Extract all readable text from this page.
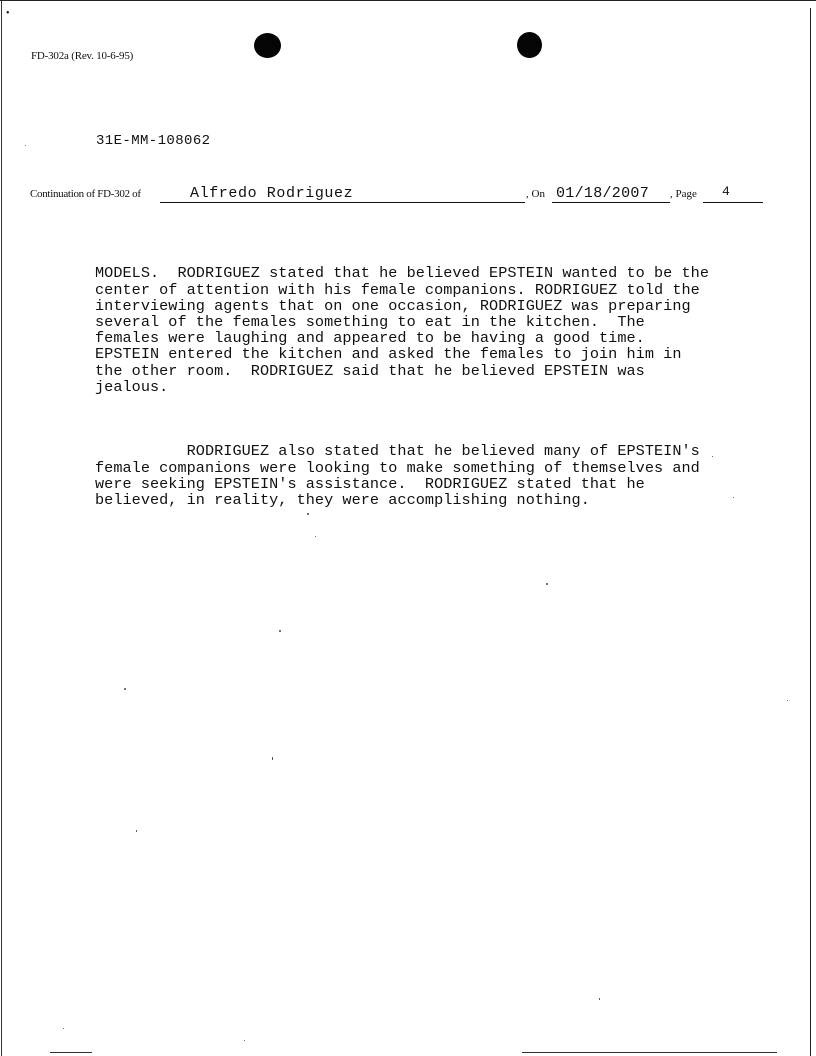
•
FD-302a (Rev. 10-6-95)
31E-MM-108062
Continuation of FD-302 of	Alfredo Rodriguez	, On 01/18/2007 , Page 4

MODELS.  RODRIGUEZ stated that he believed EPSTEIN wanted to be the
center of attention with his female companions. RODRIGUEZ told the
interviewing agents that on one occasion, RODRIGUEZ was preparing
several of the females something to eat in the kitchen.  The
females were laughing and appeared to be having a good time.
EPSTEIN entered the kitchen and asked the females to join him in
the other room.  RODRIGUEZ said that he believed EPSTEIN was
jealous.

RODRIGUEZ also stated that he believed many of EPSTEIN's
female companions were looking to make something of themselves and
were seeking EPSTEIN's assistance.  RODRIGUEZ stated that he
believed, in reality, they were accomplishing nothing.
